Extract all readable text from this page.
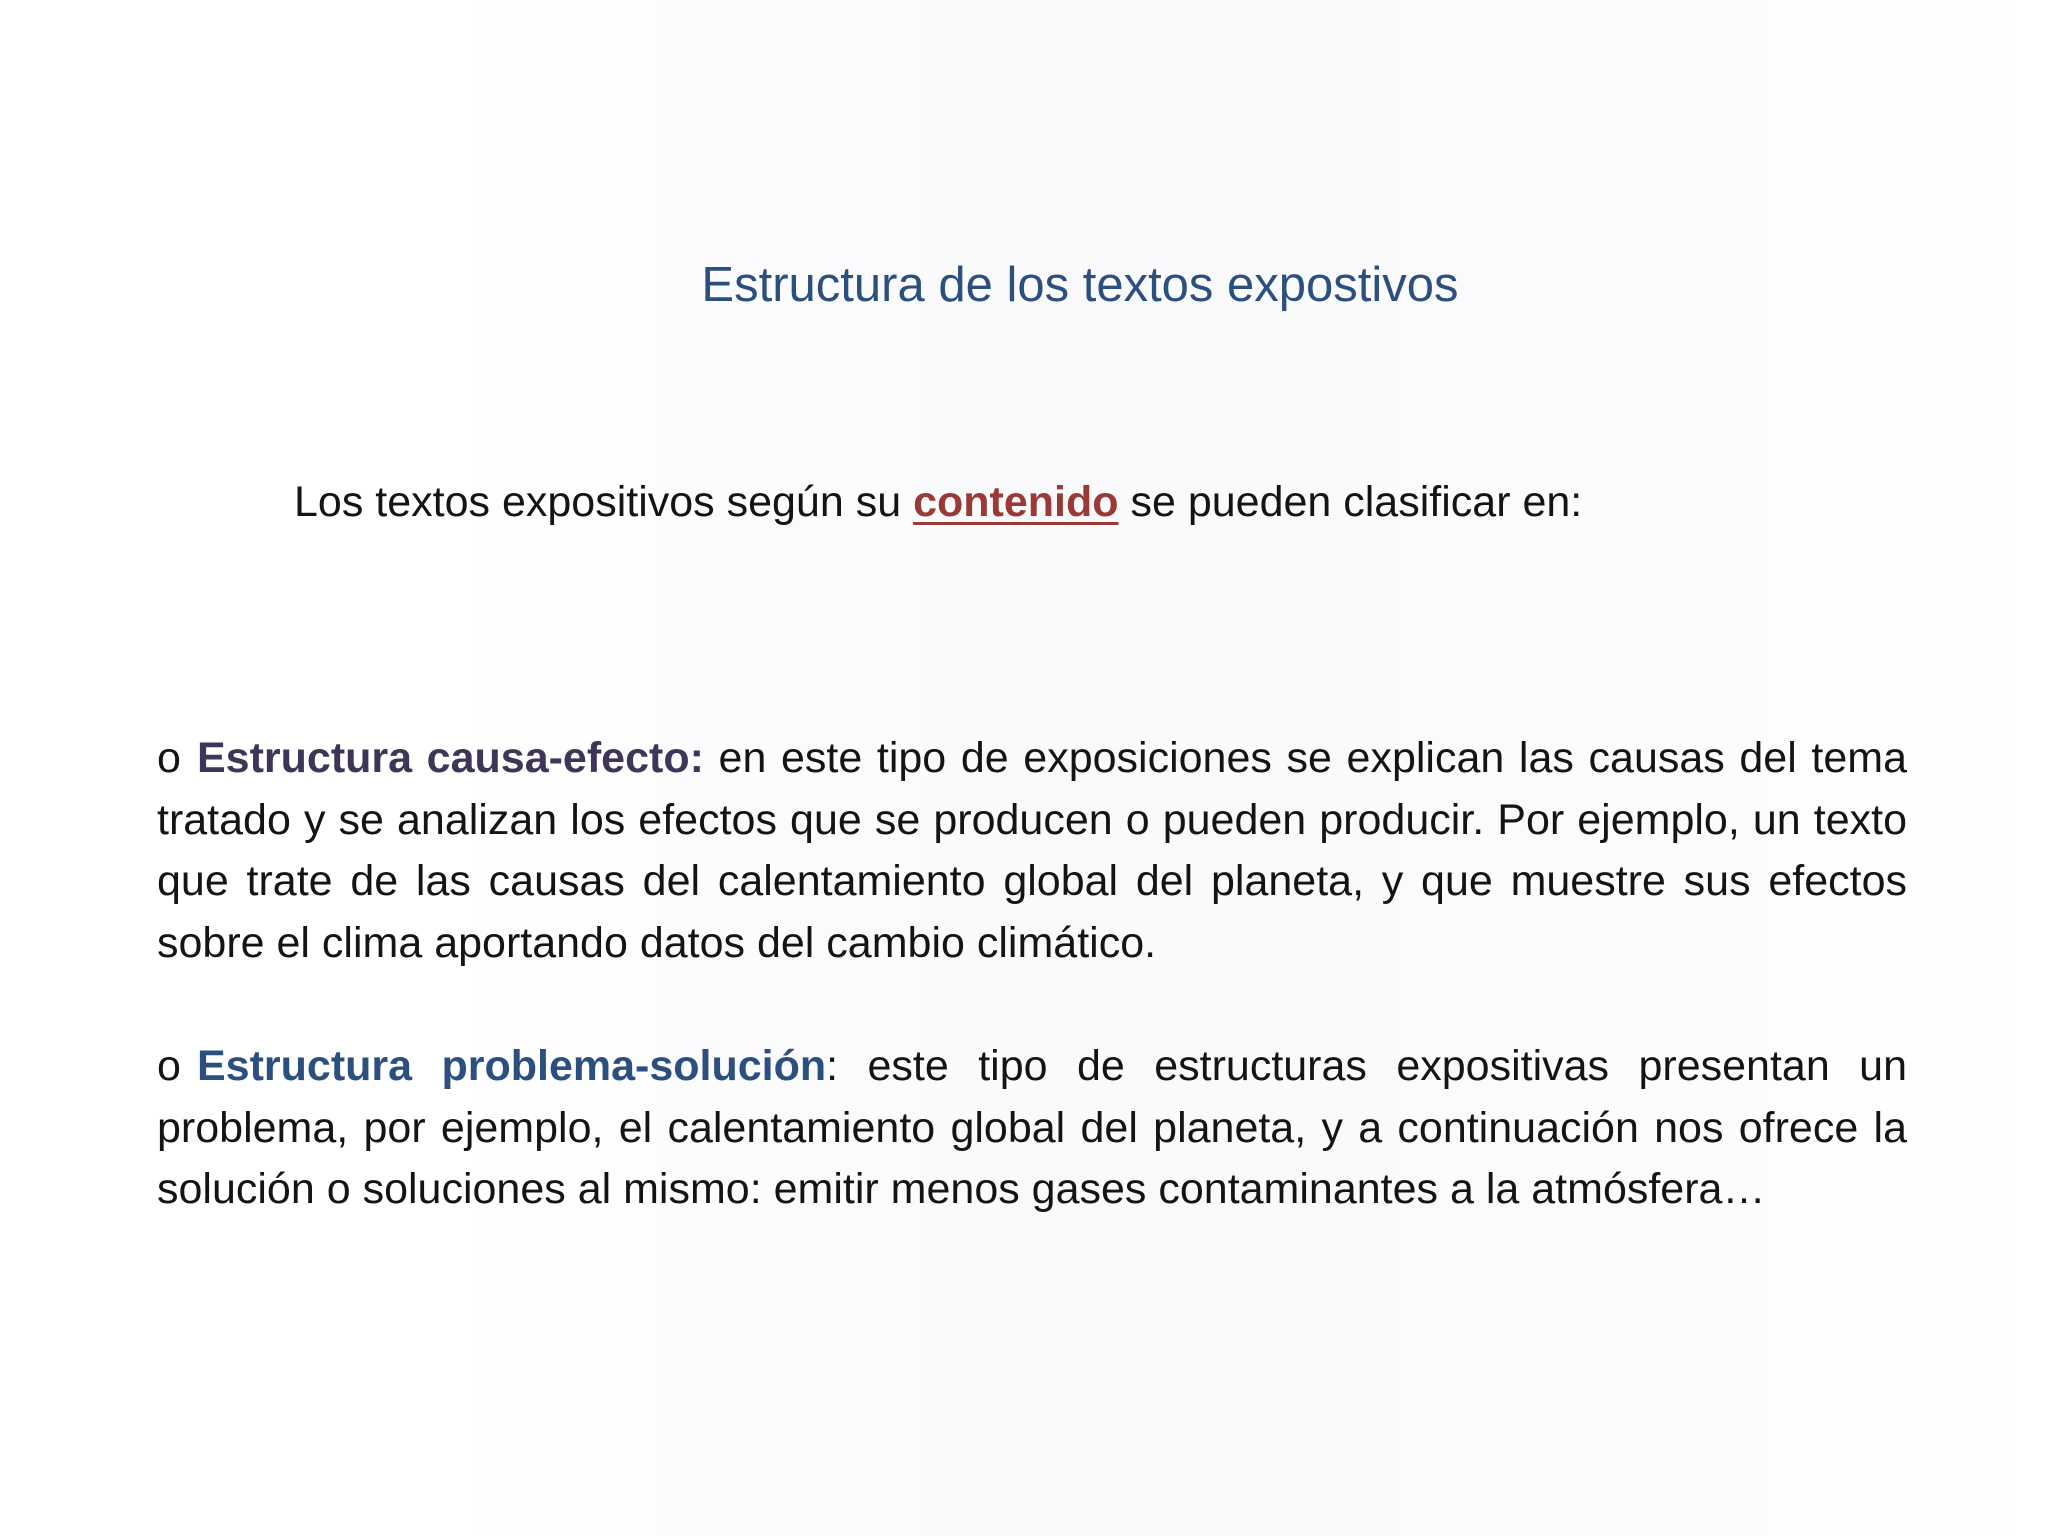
Estructura de los textos expostivos
Los textos expositivos según su contenido se pueden clasificar en:
o Estructura causa-efecto: en este tipo de exposiciones se explican las causas del tema tratado y se analizan los efectos que se producen o pueden producir. Por ejemplo, un texto que trate de las causas del calentamiento global del planeta, y que muestre sus efectos sobre el clima aportando datos del cambio climático.
o Estructura problema-solución: este tipo de estructuras expositivas presentan un problema, por ejemplo, el calentamiento global del planeta, y a continuación nos ofrece la solución o soluciones al mismo: emitir menos gases contaminantes a la atmósfera…
